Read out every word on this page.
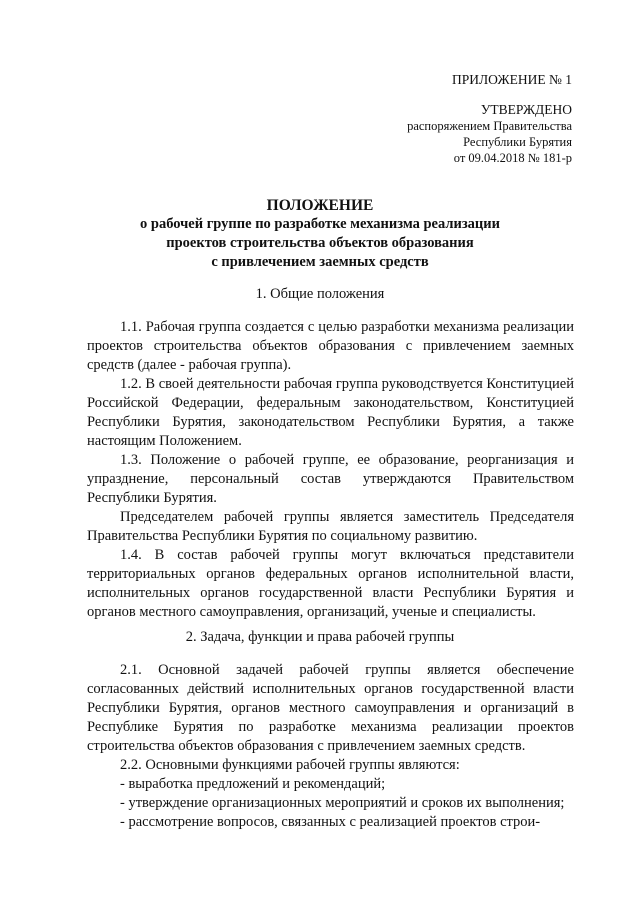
ПРИЛОЖЕНИЕ № 1
УТВЕРЖДЕНО
распоряжением Правительства
Республики Бурятия
от 09.04.2018 № 181-р
ПОЛОЖЕНИЕ
о рабочей группе по разработке механизма реализации
проектов строительства объектов образования
с привлечением заемных средств
1. Общие положения

1.1. Рабочая группа создается с целью разработки механизма реализации проектов строительства объектов образования с привлечением заемных средств (далее - рабочая группа).

1.2. В своей деятельности рабочая группа руководствуется Конституцией Российской Федерации, федеральным законодательством, Конституцией Республики Бурятия, законодательством Республики Бурятия, а также настоящим Положением.

1.3. Положение о рабочей группе, ее образование, реорганизация и упразднение, персональный состав утверждаются Правительством Республики Бурятия.

Председателем рабочей группы является заместитель Председателя Правительства Республики Бурятия по социальному развитию.

1.4. В состав рабочей группы могут включаться представители территориальных органов федеральных органов исполнительной власти, исполнительных органов государственной власти Республики Бурятия и органов местного самоуправления, организаций, ученые и специалисты.

2. Задача, функции и права рабочей группы

2.1. Основной задачей рабочей группы является обеспечение согласованных действий исполнительных органов государственной власти Республики Бурятия, органов местного самоуправления и организаций в Республике Бурятия по разработке механизма реализации проектов строительства объектов образования с привлечением заемных средств.

2.2. Основными функциями рабочей группы являются:

- выработка предложений и рекомендаций;

- утверждение организационных мероприятий и сроков их выполнения;

- рассмотрение вопросов, связанных с реализацией проектов строи-
